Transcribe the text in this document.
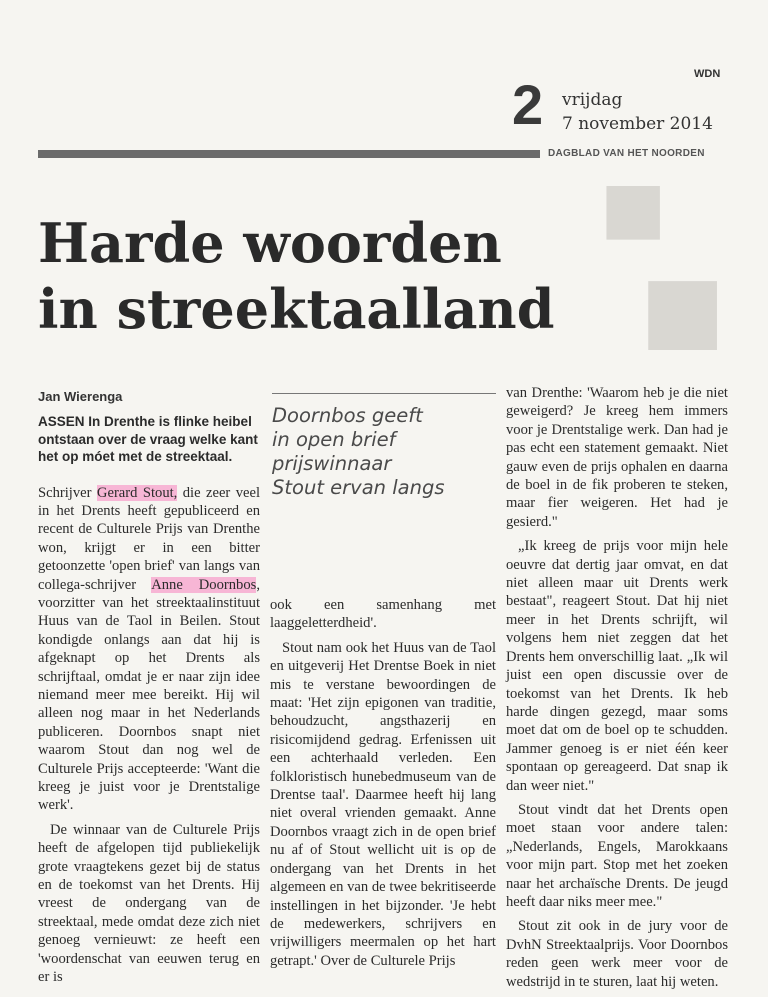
■
■
WDN
2 vrijdag
7 november 2014
DAGBLAD VAN HET NOORDEN
Harde woorden
in streektaalland
Jan Wierenga

ASSEN In Drenthe is flinke heibel ontstaan over de vraag welke kant het op móet met de streektaal.

Schrijver Gerard Stout, die zeer veel in het Drents heeft gepubliceerd en recent de Culturele Prijs van Drenthe won, krijgt er in een bitter getoonzette 'open brief' van langs van collega-schrijver Anne Doornbos, voorzitter van het streektaalinstituut Huus van de Taol in Beilen. Stout kondigde onlangs aan dat hij is afgeknapt op het Drents als schrijftaal, omdat je er naar zijn idee niemand meer mee bereikt. Hij wil alleen nog maar in het Nederlands publiceren. Doornbos snapt niet waarom Stout dan nog wel de Culturele Prijs accepteerde: 'Want die kreeg je juist voor je Drentstalige werk'.

De winnaar van de Culturele Prijs heeft de afgelopen tijd publiekelijk grote vraagtekens gezet bij de status en de toekomst van het Drents. Hij vreest de ondergang van de streektaal, mede omdat deze zich niet genoeg vernieuwt: ze heeft een 'woordenschat van eeuwen terug en er is

Doornbos geeft
in open brief
prijswinnaar
Stout ervan langs

ook een samenhang met laaggeletterdheid'.

Stout nam ook het Huus van de Taol en uitgeverij Het Drentse Boek in niet mis te verstane bewoordingen de maat: 'Het zijn epigonen van traditie, behoudzucht, angsthazerij en risicomijdend gedrag. Erfenissen uit een achterhaald verleden. Een folkloristisch hunebedmuseum van de Drentse taal'. Daarmee heeft hij lang niet overal vrienden gemaakt. Anne Doornbos vraagt zich in de open brief nu af of Stout wellicht uit is op de ondergang van het Drents in het algemeen en van de twee bekritiseerde instellingen in het bijzonder. 'Je hebt de medewerkers, schrijvers en vrijwilligers meermalen op het hart getrapt.' Over de Culturele Prijs

van Drenthe: 'Waarom heb je die niet geweigerd? Je kreeg hem immers voor je Drentstalige werk. Dan had je pas echt een statement gemaakt. Niet gauw even de prijs ophalen en daarna de boel in de fik proberen te steken, maar fier weigeren. Het had je gesierd."

„Ik kreeg de prijs voor mijn hele oeuvre dat dertig jaar omvat, en dat niet alleen maar uit Drents werk bestaat", reageert Stout. Dat hij niet meer in het Drents schrijft, wil volgens hem niet zeggen dat het Drents hem onverschillig laat. „Ik wil juist een open discussie over de toekomst van het Drents. Ik heb harde dingen gezegd, maar soms moet dat om de boel op te schudden. Jammer genoeg is er niet één keer spontaan op gereageerd. Dat snap ik dan weer niet."

Stout vindt dat het Drents open moet staan voor andere talen: „Nederlands, Engels, Marokkaans voor mijn part. Stop met het zoeken naar het archaïsche Drents. De jeugd heeft daar niks meer mee."

Stout zit ook in de jury voor de DvhN Streektaalprijs. Voor Doornbos reden geen werk meer voor de wedstrijd in te sturen, laat hij weten.
